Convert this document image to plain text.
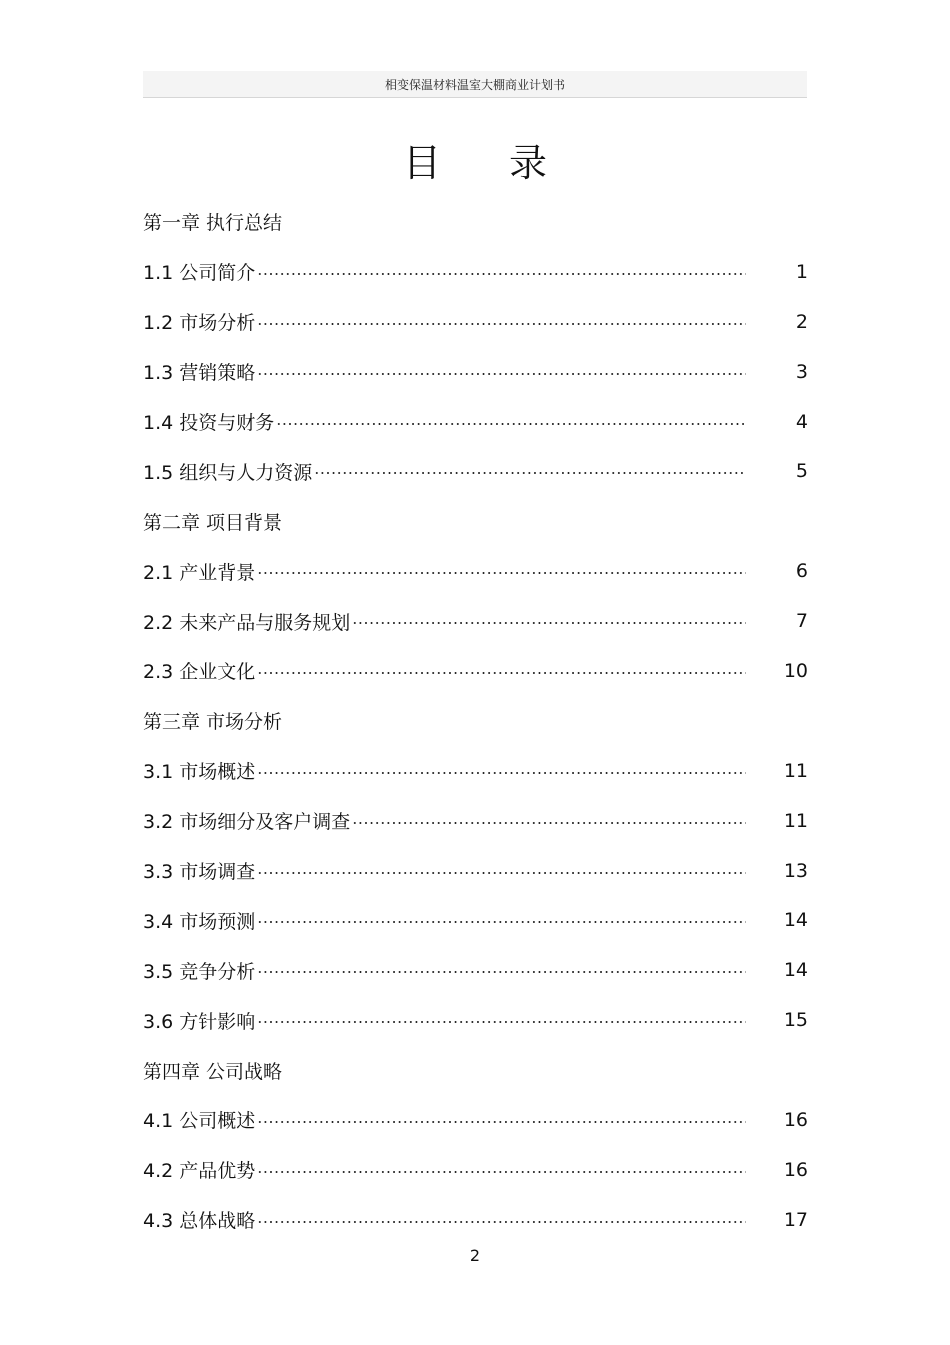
相变保温材料温室大棚商业计划书
目 录
第一章 执行总结
1.1 公司简介	1
1.2 市场分析	2
1.3 营销策略	3
1.4 投资与财务	4
1.5 组织与人力资源	5
第二章 项目背景
2.1 产业背景	6
2.2 未来产品与服务规划	7
2.3 企业文化	10
第三章 市场分析
3.1 市场概述	11
3.2 市场细分及客户调查	11
3.3 市场调查	13
3.4 市场预测	14
3.5 竞争分析	14
3.6 方针影响	15
第四章 公司战略
4.1 公司概述	16
4.2 产品优势	16
4.3 总体战略	17
2
